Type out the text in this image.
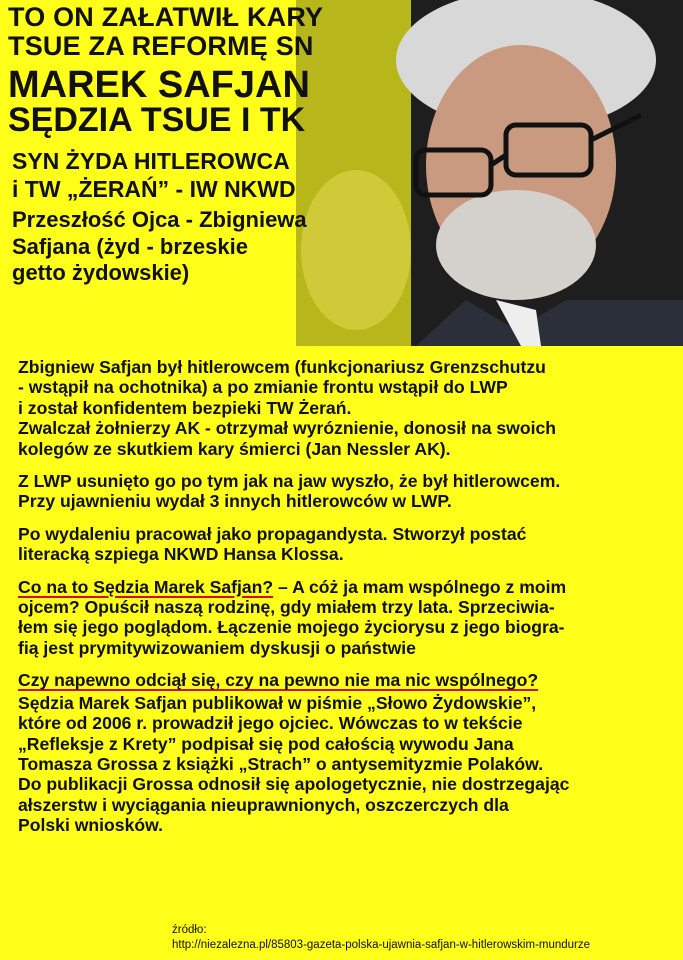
TO ON ZAŁATWIŁ KARY
TSUE ZA REFORMĘ SN
MAREK SAFJAN
SĘDZIA TSUE I TK
SYN ŻYDA HITLEROWCA
i TW „ŻERAŃ” - IW NKWD
Przeszłość Ojca - Zbigniewa
Safjana (żyd - brzeskie
getto żydowskie)
Zbigniew Safjan był hitlerowcem (funkcjonariusz Grenzschutzu
- wstąpił na ochotnika) a po zmianie frontu wstąpił do LWP
i został konfidentem bezpieki TW Żerań.
Zwalczał żołnierzy AK - otrzymał wyróznienie, donosił na swoich
kolegów ze skutkiem kary śmierci (Jan Nessler AK).
Z LWP usunięto go po tym jak na jaw wyszło, że był hitlerowcem.
Przy ujawnieniu wydał 3 innych hitlerowców w LWP.
Po wydaleniu pracował jako propagandysta. Stworzył postać
literacką szpiega NKWD Hansa Klossa.
Co na to Sędzia Marek Safjan? – A cóż ja mam wspólnego z moim
ojcem? Opuścił naszą rodzinę, gdy miałem trzy lata. Sprzeciwia-
łem się jego poglądom. Łączenie mojego życiorysu z jego biogra-
fią jest prymitywizowaniem dyskusji o państwie
Czy napewno odciął się, czy na pewno nie ma nic wspólnego?
Sędzia Marek Safjan publikował w piśmie „Słowo Żydowskie”,
które od 2006 r. prowadził jego ojciec. Wówczas to w tekście
„Refleksje z Krety” podpisał się pod całością wywodu Jana
Tomasza Grossa z książki „Strach” o antysemityzmie Polaków.
Do publikacji Grossa odnosił się apologetycznie, nie dostrzegając
ałszerstw i wyciągania nieuprawnionych, oszczerczych dla
Polski wniosków.
źródło:
http://niezalezna.pl/85803-gazeta-polska-ujawnia-safjan-w-hitlerowskim-mundurze
